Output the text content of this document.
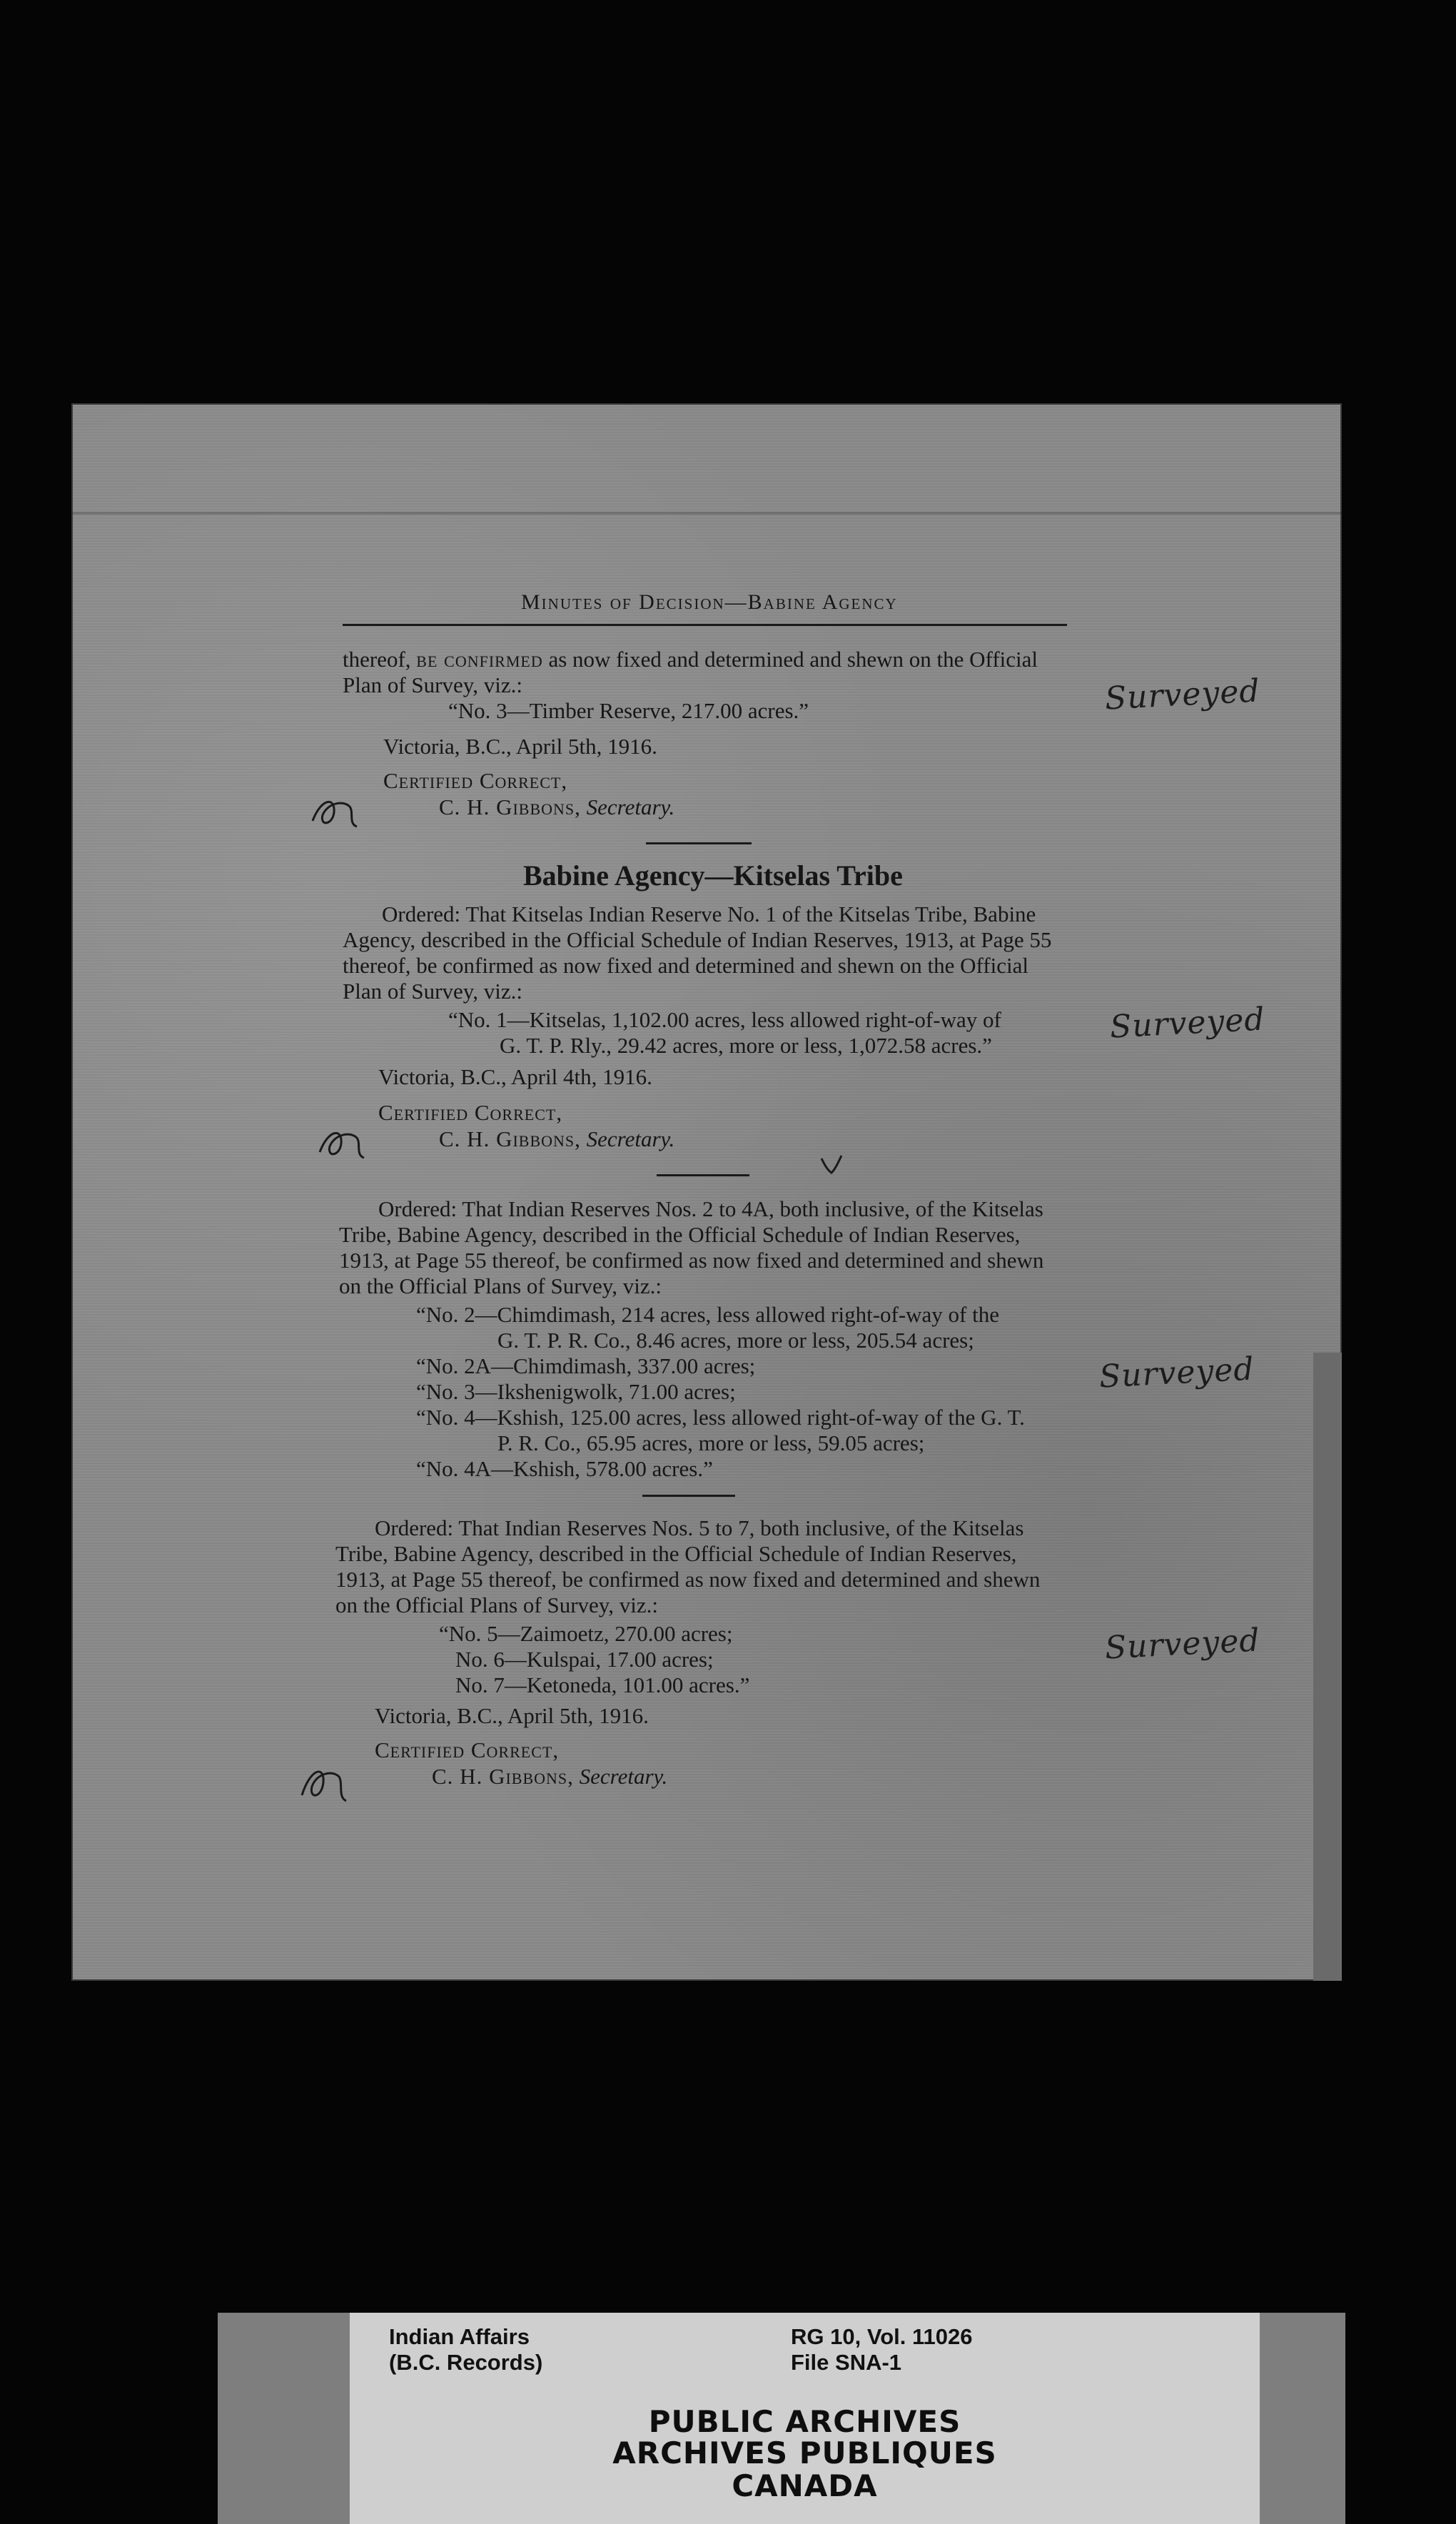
Minutes of Decision—Babine Agency
thereof, be confirmed as now fixed and determined and shewn on the Official
Plan of Survey, viz.:
“No. 3—Timber Reserve, 217.00 acres.”
Victoria, B.C., April 5th, 1916.
Certified Correct,
C. H. Gibbons, Secretary.
Babine Agency—Kitselas Tribe
Ordered: That Kitselas Indian Reserve No. 1 of the Kitselas Tribe, Babine
Agency, described in the Official Schedule of Indian Reserves, 1913, at Page 55
thereof, be confirmed as now fixed and determined and shewn on the Official
Plan of Survey, viz.:
“No. 1—Kitselas, 1,102.00 acres, less allowed right-of-way of
G. T. P. Rly., 29.42 acres, more or less, 1,072.58 acres.”
Victoria, B.C., April 4th, 1916.
Certified Correct,
C. H. Gibbons, Secretary.
Ordered: That Indian Reserves Nos. 2 to 4A, both inclusive, of the Kitselas
Tribe, Babine Agency, described in the Official Schedule of Indian Reserves,
1913, at Page 55 thereof, be confirmed as now fixed and determined and shewn
on the Official Plans of Survey, viz.:
“No. 2—Chimdimash, 214 acres, less allowed right-of-way of the
G. T. P. R. Co., 8.46 acres, more or less, 205.54 acres;
“No. 2A—Chimdimash, 337.00 acres;
“No. 3—Ikshenigwolk, 71.00 acres;
“No. 4—Kshish, 125.00 acres, less allowed right-of-way of the G. T.
P. R. Co., 65.95 acres, more or less, 59.05 acres;
“No. 4A—Kshish, 578.00 acres.”
Ordered: That Indian Reserves Nos. 5 to 7, both inclusive, of the Kitselas
Tribe, Babine Agency, described in the Official Schedule of Indian Reserves,
1913, at Page 55 thereof, be confirmed as now fixed and determined and shewn
on the Official Plans of Survey, viz.:
“No. 5—Zaimoetz, 270.00 acres;
No. 6—Kulspai, 17.00 acres;
No. 7—Ketoneda, 101.00 acres.”
Victoria, B.C., April 5th, 1916.
Certified Correct,
C. H. Gibbons, Secretary.
Surveyed
Surveyed
Surveyed
Surveyed
Indian Affairs
(B.C. Records)
RG 10, Vol. 11026
File SNA-1
PUBLIC ARCHIVES
ARCHIVES PUBLIQUES
CANADA
